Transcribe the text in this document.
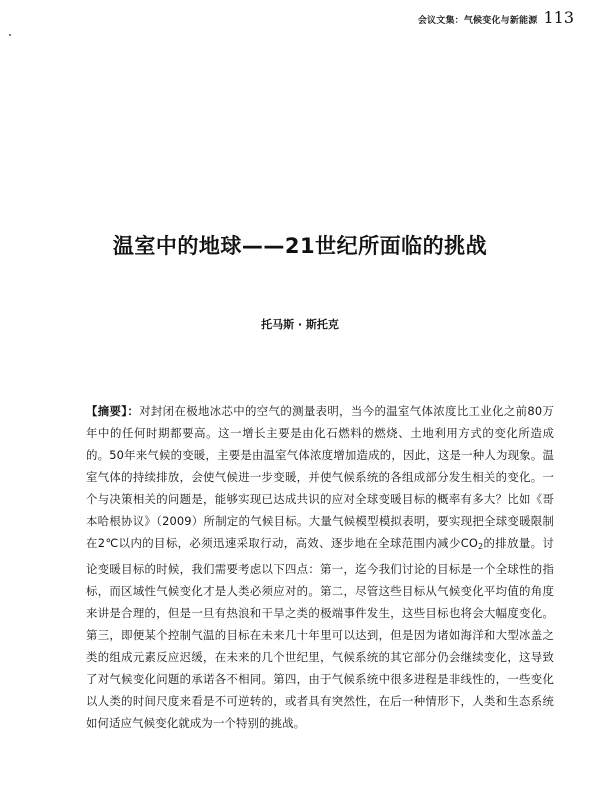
会议文集：气候变化与新能源 113
温室中的地球——21世纪所面临的挑战
托马斯 · 斯托克

【摘要】：对封闭在极地冰芯中的空气的测量表明，当今的温室气体浓度比工业化之前80万年中的任何时期都要高。这一增长主要是由化石燃料的燃烧、土地利用方式的变化所造成的。50年来气候的变暖，主要是由温室气体浓度增加造成的，因此，这是一种人为现象。温室气体的持续排放，会使气候进一步变暖，并使气候系统的各组成部分发生相关的变化。一个与决策相关的问题是，能够实现已达成共识的应对全球变暖目标的概率有多大？比如《哥本哈根协议》（2009）所制定的气候目标。大量气候模型模拟表明，要实现把全球变暖限制在2℃以内的目标，必须迅速采取行动，高效、逐步地在全球范围内减少$CO_2$的排放量。讨论变暖目标的时候，我们需要考虑以下四点：第一，迄今我们讨论的目标是一个全球性的指标，而区域性气候变化才是人类必须应对的。第二，尽管这些目标从气候变化平均值的角度来讲是合理的，但是一旦有热浪和干旱之类的极端事件发生，这些目标也将会大幅度变化。第三，即便某个控制气温的目标在未来几十年里可以达到，但是因为诸如海洋和大型冰盖之类的组成元素反应迟缓，在未来的几个世纪里，气候系统的其它部分仍会继续变化，这导致了对气候变化问题的承诺各不相同。第四，由于气候系统中很多进程是非线性的，一些变化以人类的时间尺度来看是不可逆转的，或者具有突然性，在后一种情形下，人类和生态系统如何适应气候变化就成为一个特别的挑战。
